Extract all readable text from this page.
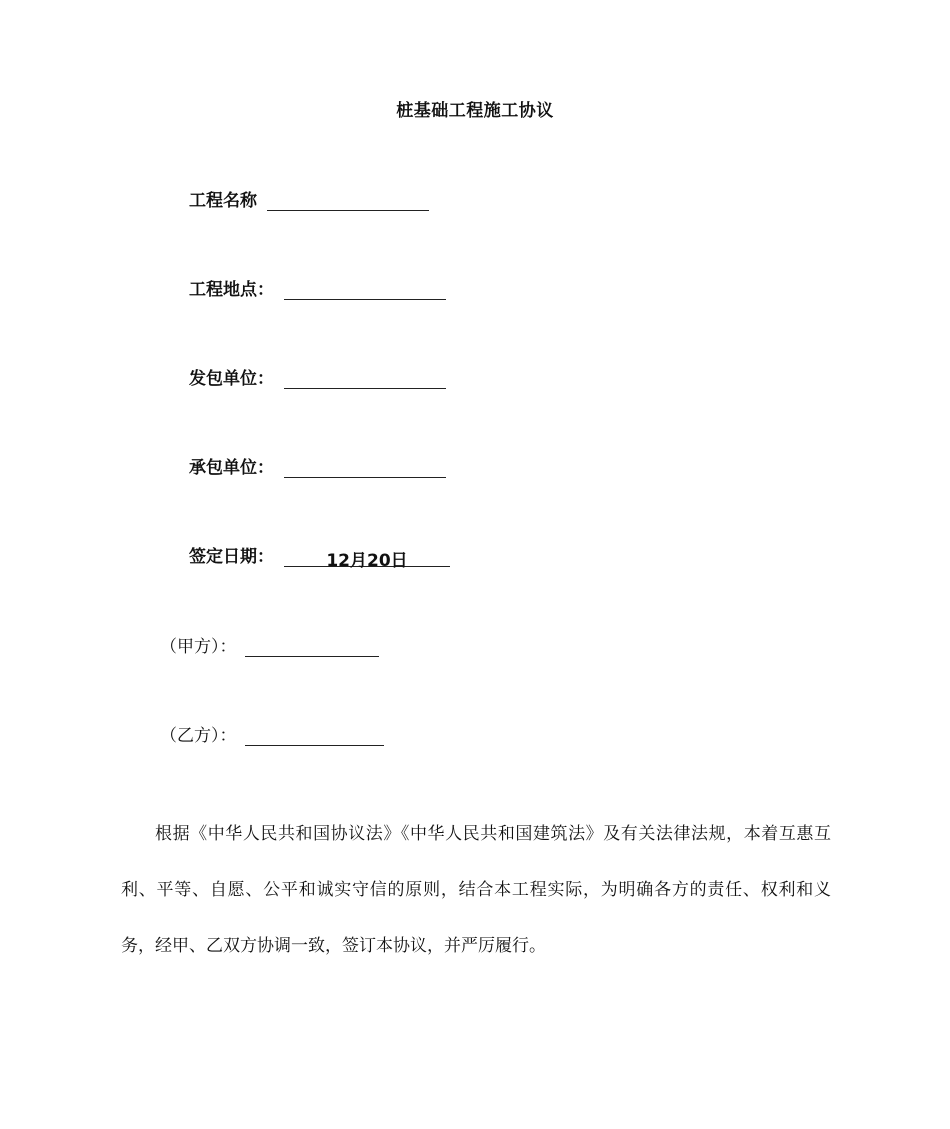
桩基础工程施工协议
工程名称
工程地点：
发包单位：
承包单位：
签定日期：	12月20日
（甲方）：
（乙方）：
根据《中华人民共和国协议法》《中华人民共和国建筑法》及有关法律法规，本着互惠互利、平等、自愿、公平和诚实守信的原则，结合本工程实际，为明确各方的责任、权利和义务，经甲、乙双方协调一致，签订本协议，并严厉履行。
